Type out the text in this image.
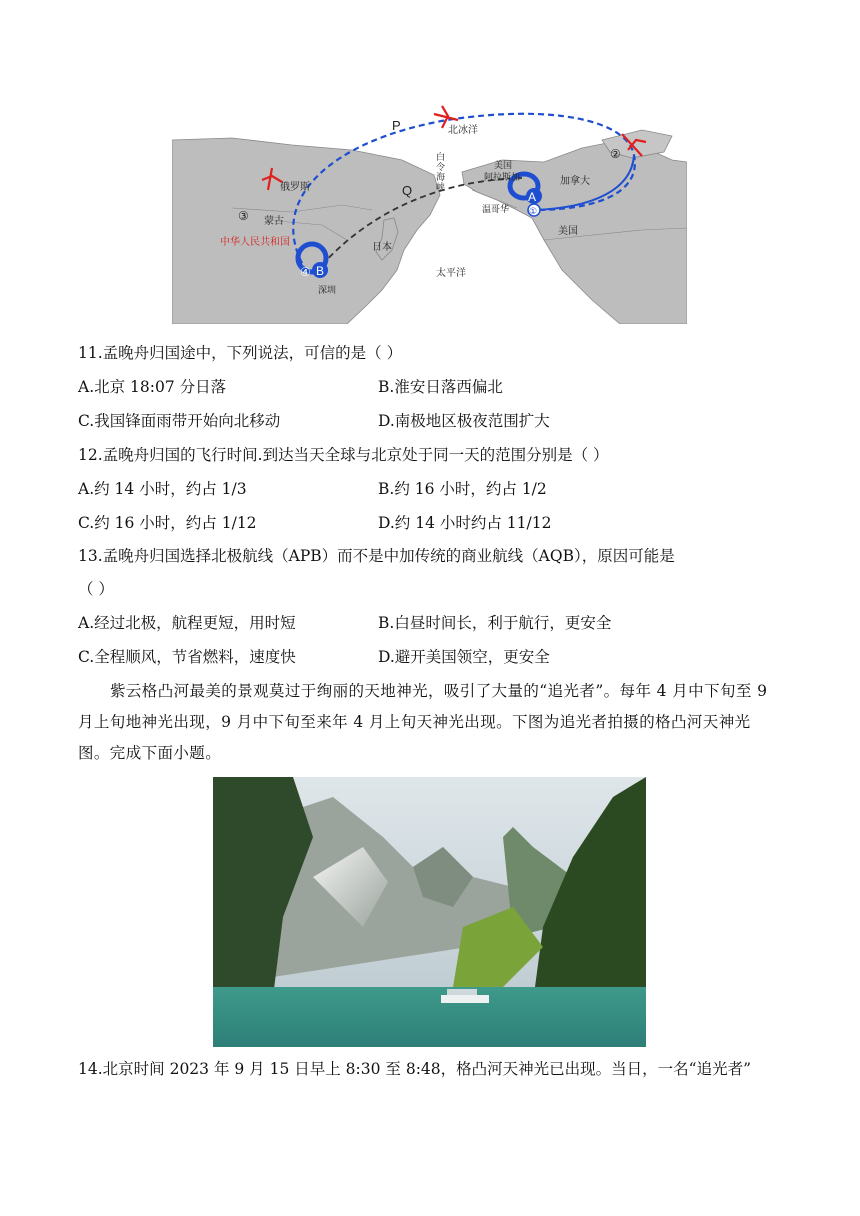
北冰洋
P
Q
俄罗斯
蒙古
中华人民共和国
深圳
日本
太平洋
白
令
海
峡
美国
阿拉斯加	加拿大
温哥华
美国
A
B
①
②
③
④
11.孟晚舟归国途中，下列说法，可信的是（ ）
A.北京 18:07 分日落	B.淮安日落西偏北
C.我国锋面雨带开始向北移动	D.南极地区极夜范围扩大
12.孟晚舟归国的飞行时间.到达当天全球与北京处于同一天的范围分别是（ ）
A.约 14 小时，约占 1/3	B.约 16 小时，约占 1/2
C.约 16 小时，约占 1/12	D.约 14 小时约占 11/12
13.孟晚舟归国选择北极航线（APB）而不是中加传统的商业航线（AQB），原因可能是
（ ）
A.经过北极，航程更短，用时短	B.白昼时间长，利于航行，更安全
C.全程顺风，节省燃料，速度快	D.避开美国领空，更安全
紫云格凸河最美的景观莫过于绚丽的天地神光，吸引了大量的“追光者”。每年 4 月中下旬至 9 月上旬地神光出现，9 月中下旬至来年 4 月上旬天神光出现。下图为追光者拍摄的格凸河天神光图。完成下面小题。
14.北京时间 2023 年 9 月 15 日早上 8:30 至 8:48，格凸河天神光已出现。当日，一名“追光者”
